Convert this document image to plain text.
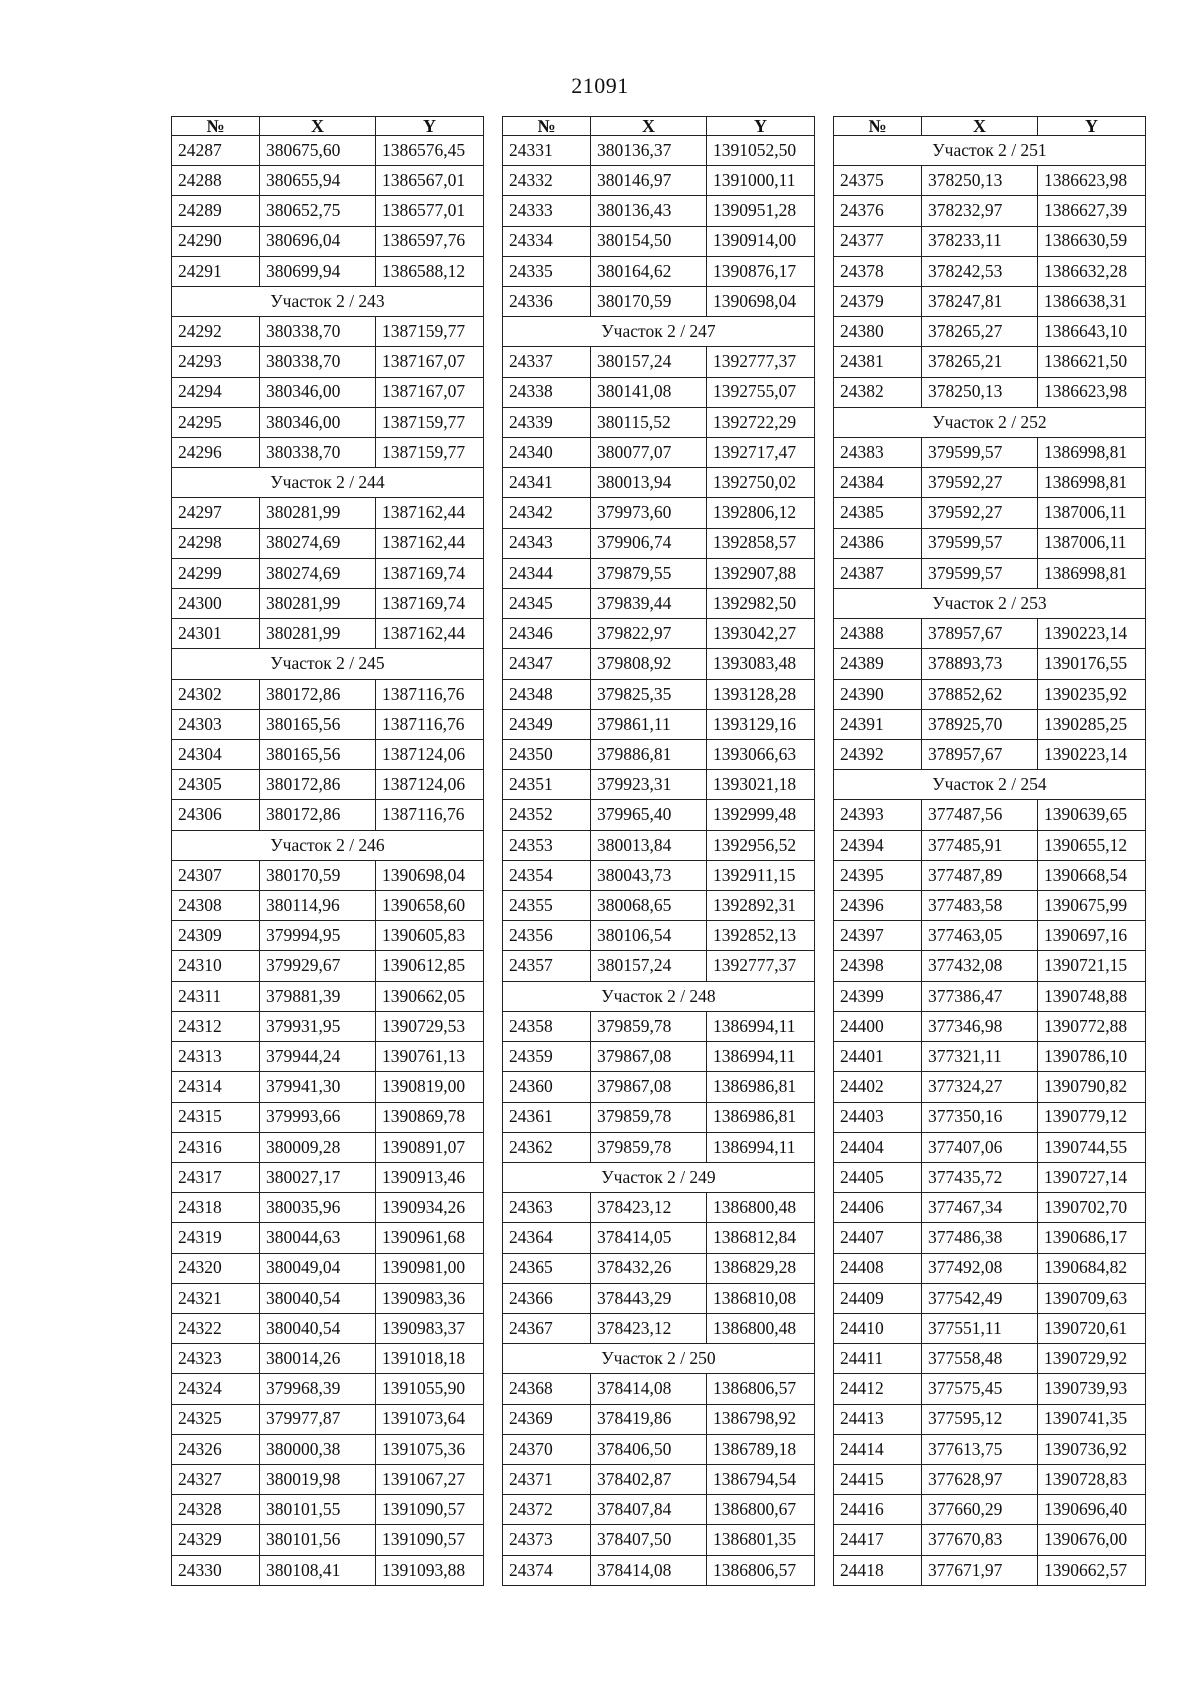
21091
№	X	Y
24287	380675,60	1386576,45
24288	380655,94	1386567,01
24289	380652,75	1386577,01
24290	380696,04	1386597,76
24291	380699,94	1386588,12
Участок 2 / 243		
24292	380338,70	1387159,77
24293	380338,70	1387167,07
24294	380346,00	1387167,07
24295	380346,00	1387159,77
24296	380338,70	1387159,77
Участок 2 / 244		
24297	380281,99	1387162,44
24298	380274,69	1387162,44
24299	380274,69	1387169,74
24300	380281,99	1387169,74
24301	380281,99	1387162,44
Участок 2 / 245		
24302	380172,86	1387116,76
24303	380165,56	1387116,76
24304	380165,56	1387124,06
24305	380172,86	1387124,06
24306	380172,86	1387116,76
Участок 2 / 246		
24307	380170,59	1390698,04
24308	380114,96	1390658,60
24309	379994,95	1390605,83
24310	379929,67	1390612,85
24311	379881,39	1390662,05
24312	379931,95	1390729,53
24313	379944,24	1390761,13
24314	379941,30	1390819,00
24315	379993,66	1390869,78
24316	380009,28	1390891,07
24317	380027,17	1390913,46
24318	380035,96	1390934,26
24319	380044,63	1390961,68
24320	380049,04	1390981,00
24321	380040,54	1390983,36
24322	380040,54	1390983,37
24323	380014,26	1391018,18
24324	379968,39	1391055,90
24325	379977,87	1391073,64
24326	380000,38	1391075,36
24327	380019,98	1391067,27
24328	380101,55	1391090,57
24329	380101,56	1391090,57
24330	380108,41	1391093,88
№	X	Y
24331	380136,37	1391052,50
24332	380146,97	1391000,11
24333	380136,43	1390951,28
24334	380154,50	1390914,00
24335	380164,62	1390876,17
24336	380170,59	1390698,04
Участок 2 / 247		
24337	380157,24	1392777,37
24338	380141,08	1392755,07
24339	380115,52	1392722,29
24340	380077,07	1392717,47
24341	380013,94	1392750,02
24342	379973,60	1392806,12
24343	379906,74	1392858,57
24344	379879,55	1392907,88
24345	379839,44	1392982,50
24346	379822,97	1393042,27
24347	379808,92	1393083,48
24348	379825,35	1393128,28
24349	379861,11	1393129,16
24350	379886,81	1393066,63
24351	379923,31	1393021,18
24352	379965,40	1392999,48
24353	380013,84	1392956,52
24354	380043,73	1392911,15
24355	380068,65	1392892,31
24356	380106,54	1392852,13
24357	380157,24	1392777,37
Участок 2 / 248		
24358	379859,78	1386994,11
24359	379867,08	1386994,11
24360	379867,08	1386986,81
24361	379859,78	1386986,81
24362	379859,78	1386994,11
Участок 2 / 249		
24363	378423,12	1386800,48
24364	378414,05	1386812,84
24365	378432,26	1386829,28
24366	378443,29	1386810,08
24367	378423,12	1386800,48
Участок 2 / 250		
24368	378414,08	1386806,57
24369	378419,86	1386798,92
24370	378406,50	1386789,18
24371	378402,87	1386794,54
24372	378407,84	1386800,67
24373	378407,50	1386801,35
24374	378414,08	1386806,57
№	X	Y
Участок 2 / 251		
24375	378250,13	1386623,98
24376	378232,97	1386627,39
24377	378233,11	1386630,59
24378	378242,53	1386632,28
24379	378247,81	1386638,31
24380	378265,27	1386643,10
24381	378265,21	1386621,50
24382	378250,13	1386623,98
Участок 2 / 252		
24383	379599,57	1386998,81
24384	379592,27	1386998,81
24385	379592,27	1387006,11
24386	379599,57	1387006,11
24387	379599,57	1386998,81
Участок 2 / 253		
24388	378957,67	1390223,14
24389	378893,73	1390176,55
24390	378852,62	1390235,92
24391	378925,70	1390285,25
24392	378957,67	1390223,14
Участок 2 / 254		
24393	377487,56	1390639,65
24394	377485,91	1390655,12
24395	377487,89	1390668,54
24396	377483,58	1390675,99
24397	377463,05	1390697,16
24398	377432,08	1390721,15
24399	377386,47	1390748,88
24400	377346,98	1390772,88
24401	377321,11	1390786,10
24402	377324,27	1390790,82
24403	377350,16	1390779,12
24404	377407,06	1390744,55
24405	377435,72	1390727,14
24406	377467,34	1390702,70
24407	377486,38	1390686,17
24408	377492,08	1390684,82
24409	377542,49	1390709,63
24410	377551,11	1390720,61
24411	377558,48	1390729,92
24412	377575,45	1390739,93
24413	377595,12	1390741,35
24414	377613,75	1390736,92
24415	377628,97	1390728,83
24416	377660,29	1390696,40
24417	377670,83	1390676,00
24418	377671,97	1390662,57
